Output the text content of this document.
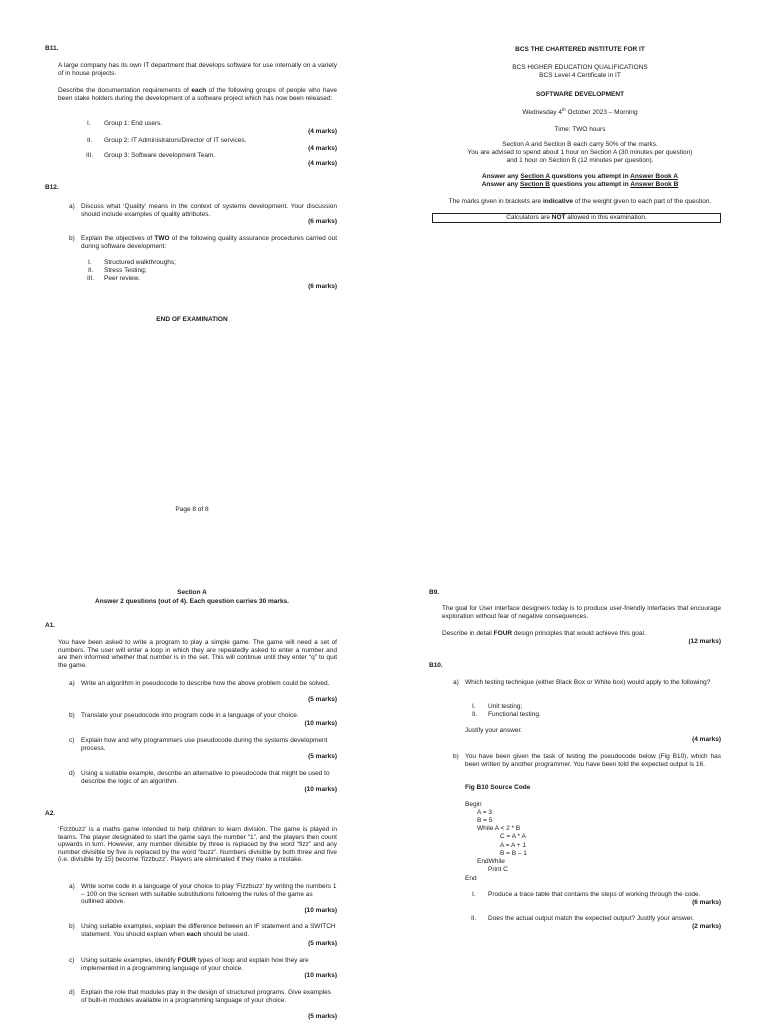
B11.
A large company has its own IT department that develops software for use internally on a variety of in house projects.
Describe the documentation requirements of each of the following groups of people who have been stake holders during the development of a software project which has now been released:
I. Group 1: End users.
(4 marks)
II. Group 2: IT Administrators/Director of IT services.
(4 marks)
III. Group 3: Software development Team.
(4 marks)
B12.
a) Discuss what ‘Quality’ means in the context of systems development. Your discussion should include examples of quality attributes.
(6 marks)
b) Explain the objectives of TWO of the following quality assurance procedures carried out during software development:
I. Structured walkthroughs;
II. Stress Testing;
III. Peer review.
(6 marks)
END OF EXAMINATION
Page 8 of 8
BCS THE CHARTERED INSTITUTE FOR IT
BCS HIGHER EDUCATION QUALIFICATIONS
BCS Level 4 Certificate in IT
SOFTWARE DEVELOPMENT
Wednesday 4th October 2023 – Morning
Time: TWO hours
Section A and Section B each carry 50% of the marks.
You are advised to spend about 1 hour on Section A (30 minutes per question)
and 1 hour on Section B (12 minutes per question).
Answer any Section A questions you attempt in Answer Book A
Answer any Section B questions you attempt in Answer Book B
The marks given in brackets are indicative of the weight given to each part of the question.
Calculators are NOT allowed in this examination.
Section A
Answer 2 questions (out of 4). Each question carries 30 marks.
A1.
You have been asked to write a program to play a simple game. The game will need a set of numbers. The user will enter a loop in which they are repeatedly asked to enter a number and are then informed whether that number is in the set. This will continue until they enter “q” to quit the game.
a) Write an algorithm in pseudocode to describe how the above problem could be solved.
(5 marks)
b) Translate your pseudocode into program code in a language of your choice.
(10 marks)
c) Explain how and why programmers use pseudocode during the systems development process.
(5 marks)
d) Using a suitable example, describe an alternative to pseudocode that might be used to describe the logic of an algorithm.
(10 marks)
A2.
‘Fizzbuzz’ is a maths game intended to help children to learn division. The game is played in teams. The player designated to start the game says the number “1”, and the players then count upwards in turn. However, any number divisible by three is replaced by the word “fizz” and any number divisible by five is replaced by the word “buzz”. Numbers divisible by both three and five (i.e. divisible by 15) become ‘fizzbuzz’. Players are eliminated if they make a mistake.
a) Write some code in a language of your choice to play ‘Fizzbuzz’ by writing the numbers 1 – 100 on the screen with suitable substitutions following the rules of the game as outlined above.
(10 marks)
b) Using suitable examples, explain the difference between an IF statement and a SWITCH statement. You should explain when each should be used.
(5 marks)
c) Using suitable examples, identify FOUR types of loop and explain how they are implemented in a programming language of your choice.
(10 marks)
d) Explain the role that modules play in the design of structured programs. Give examples of built-in modules available in a programming language of your choice.
(5 marks)
B9.
The goal for User interface designers today is to produce user-friendly interfaces that encourage exploration without fear of negative consequences.
Describe in detail FOUR design principles that would achieve this goal.
(12 marks)
B10.
a) Which testing technique (either Black Box or White box) would apply to the following?
I. Unit testing;
II. Functional testing.
Justify your answer.
(4 marks)
b) You have been given the task of testing the pseudocode below (Fig B10), which has been written by another programmer. You have been told the expected output is 16.
Fig B10 Source Code
Begin
A = 3
B = 5
While A < 2 * B
C = A * A
A = A + 1
B = B – 1
EndWhile
Print C
End
I. Produce a trace table that contains the steps of working through the code.
(6 marks)
II. Does the actual output match the expected output? Justify your answer.
(2 marks)
